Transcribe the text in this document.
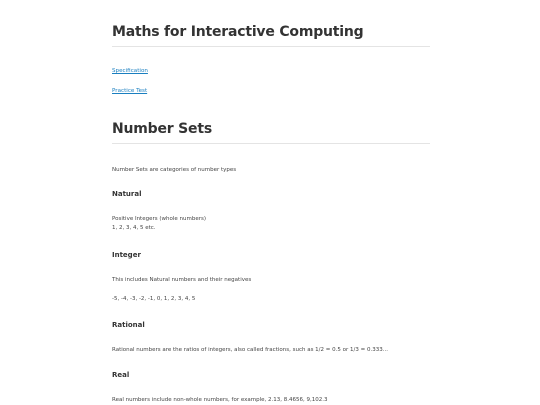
Maths for Interactive Computing
Specification
Practice Test
Number Sets

Number Sets are categories of number types

Natural

Positive Integers (whole numbers)

1, 2, 3, 4, 5 etc.

Integer

This includes Natural numbers and their negatives

-5, -4, -3, -2, -1, 0, 1, 2, 3, 4, 5

Rational

Rational numbers are the ratios of integers, also called fractions, such as 1/2 = 0.5 or 1/3 = 0.333...

Real

Real numbers include non-whole numbers, for example, 2.13, 8.4656, 9,102.3
